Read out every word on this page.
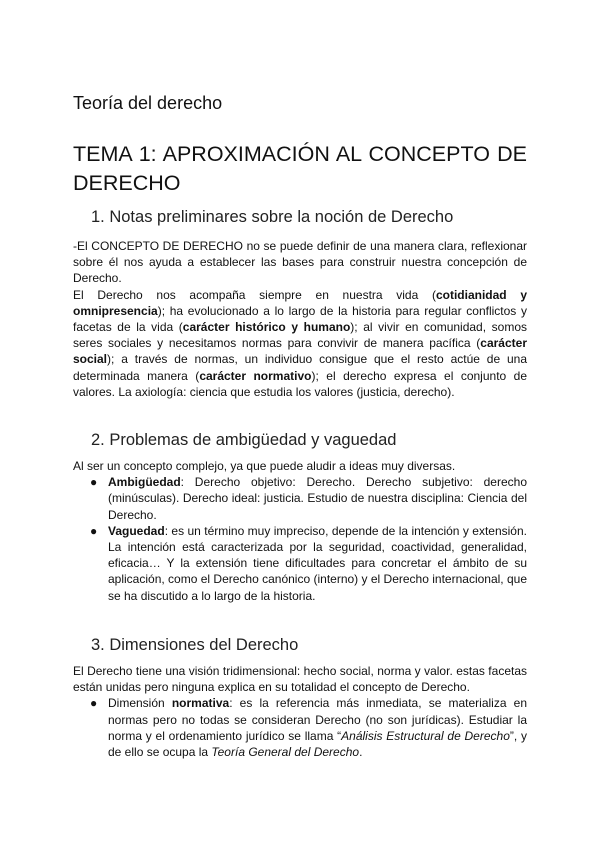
Teoría del derecho
TEMA 1: APROXIMACIÓN AL CONCEPTO DE
DERECHO
1. Notas preliminares sobre la noción de Derecho

-El CONCEPTO DE DERECHO no se puede definir de una manera clara, reflexionar sobre él nos ayuda a establecer las bases para construir nuestra concepción de Derecho.

El Derecho nos acompaña siempre en nuestra vida (cotidianidad y omnipresencia); ha evolucionado a lo largo de la historia para regular conflictos y facetas de la vida (carácter histórico y humano); al vivir en comunidad, somos seres sociales y necesitamos normas para convivir de manera pacífica (carácter social); a través de normas, un individuo consigue que el resto actúe de una determinada manera (carácter normativo); el derecho expresa el conjunto de valores. La axiología: ciencia que estudia los valores (justicia, derecho).

2. Problemas de ambigüedad y vaguedad

Al ser un concepto complejo, ya que puede aludir a ideas muy diversas.

● Ambigüedad: Derecho objetivo: Derecho. Derecho subjetivo: derecho (minúsculas). Derecho ideal: justicia. Estudio de nuestra disciplina: Ciencia del Derecho.
● Vaguedad: es un término muy impreciso, depende de la intención y extensión. La intención está caracterizada por la seguridad, coactividad, generalidad, eficacia… Y la extensión tiene dificultades para concretar el ámbito de su aplicación, como el Derecho canónico (interno) y el Derecho internacional, que se ha discutido a lo largo de la historia.
3. Dimensiones del Derecho

El Derecho tiene una visión tridimensional: hecho social, norma y valor. estas facetas están unidas pero ninguna explica en su totalidad el concepto de Derecho.

● Dimensión normativa: es la referencia más inmediata, se materializa en normas pero no todas se consideran Derecho (no son jurídicas). Estudiar la norma y el ordenamiento jurídico se llama “Análisis Estructural de Derecho”, y de ello se ocupa la Teoría General del Derecho.
